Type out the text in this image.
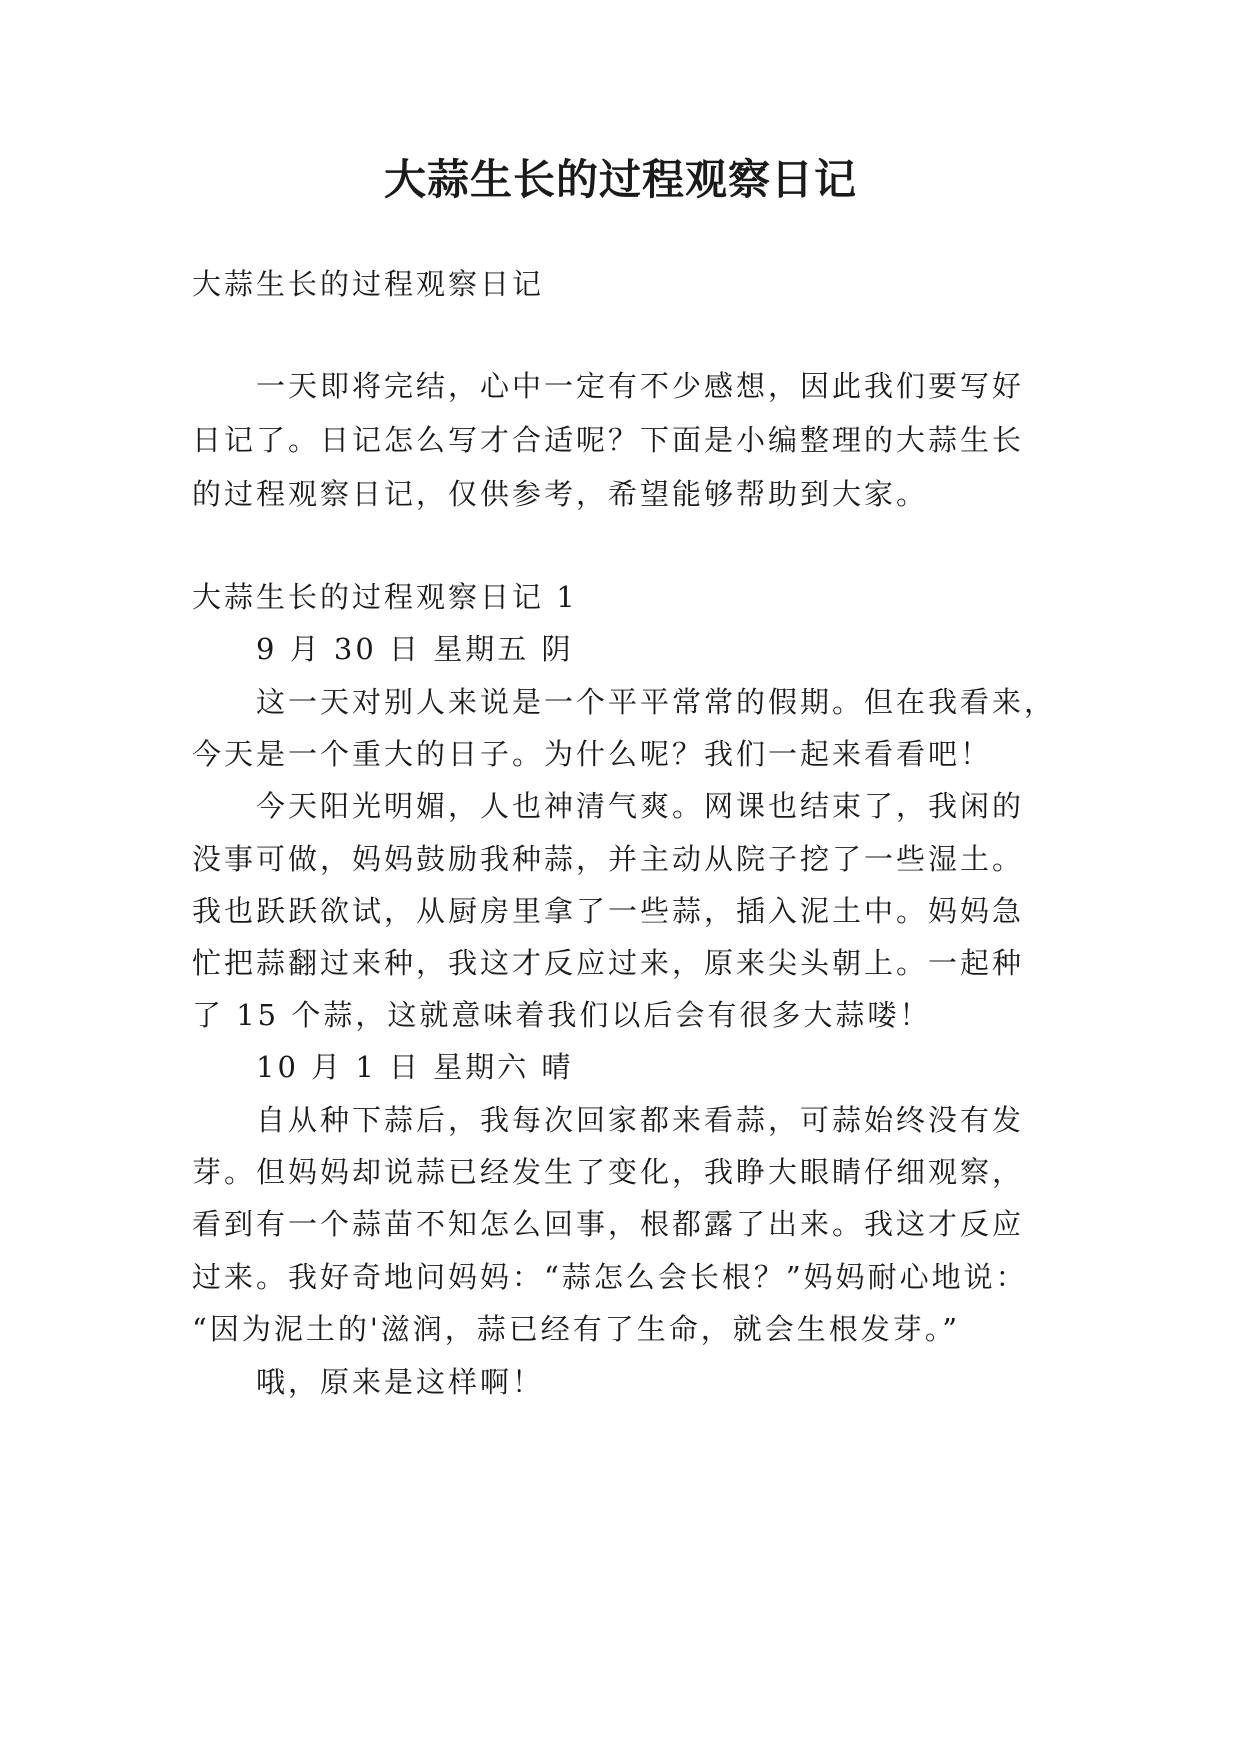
大蒜生长的过程观察日记

大蒜生长的过程观察日记

一天即将完结，心中一定有不少感想，因此我们要写好

日记了。日记怎么写才合适呢？下面是小编整理的大蒜生长

的过程观察日记，仅供参考，希望能够帮助到大家。

大蒜生长的过程观察日记 1

9 月 30 日 星期五 阴

这一天对别人来说是一个平平常常的假期。但在我看来，

今天是一个重大的日子。为什么呢？我们一起来看看吧！

今天阳光明媚，人也神清气爽。网课也结束了，我闲的

没事可做，妈妈鼓励我种蒜，并主动从院子挖了一些湿土。

我也跃跃欲试，从厨房里拿了一些蒜，插入泥土中。妈妈急

忙把蒜翻过来种，我这才反应过来，原来尖头朝上。一起种

了 15 个蒜，这就意味着我们以后会有很多大蒜喽！

10 月 1 日 星期六 晴

自从种下蒜后，我每次回家都来看蒜，可蒜始终没有发

芽。但妈妈却说蒜已经发生了变化，我睁大眼睛仔细观察，

看到有一个蒜苗不知怎么回事，根都露了出来。我这才反应

过来。我好奇地问妈妈：“蒜怎么会长根？”妈妈耐心地说：

“因为泥土的'滋润，蒜已经有了生命，就会生根发芽。”

哦，原来是这样啊！
